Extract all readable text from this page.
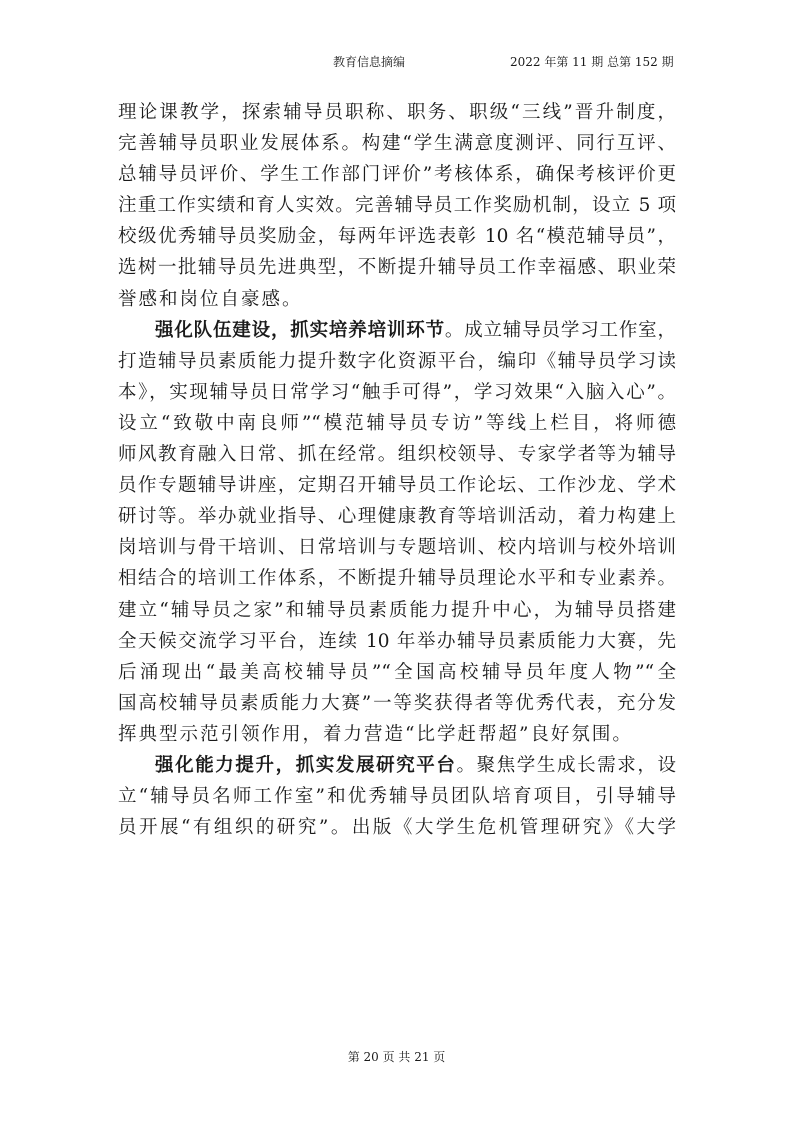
教育信息摘编	2022 年第 11 期 总第 152 期
理论课教学，探索辅导员职称、职务、职级“三线”晋升制度，
完善辅导员职业发展体系。构建“学生满意度测评、同行互评、
总辅导员评价、学生工作部门评价”考核体系，确保考核评价更
注重工作实绩和育人实效。完善辅导员工作奖励机制，设立 5 项
校级优秀辅导员奖励金，每两年评选表彰 10 名“模范辅导员”，
选树一批辅导员先进典型，不断提升辅导员工作幸福感、职业荣
誉感和岗位自豪感。
强化队伍建设，抓实培养培训环节。成立辅导员学习工作室，
打造辅导员素质能力提升数字化资源平台，编印《辅导员学习读
本》，实现辅导员日常学习“触手可得”，学习效果“入脑入心”。
设立“致敬中南良师”“模范辅导员专访”等线上栏目，将师德
师风教育融入日常、抓在经常。组织校领导、专家学者等为辅导
员作专题辅导讲座，定期召开辅导员工作论坛、工作沙龙、学术
研讨等。举办就业指导、心理健康教育等培训活动，着力构建上
岗培训与骨干培训、日常培训与专题培训、校内培训与校外培训
相结合的培训工作体系，不断提升辅导员理论水平和专业素养。
建立“辅导员之家”和辅导员素质能力提升中心，为辅导员搭建
全天候交流学习平台，连续 10 年举办辅导员素质能力大赛，先
后涌现出“最美高校辅导员”“全国高校辅导员年度人物”“全
国高校辅导员素质能力大赛”一等奖获得者等优秀代表，充分发
挥典型示范引领作用，着力营造“比学赶帮超”良好氛围。
强化能力提升，抓实发展研究平台。聚焦学生成长需求，设
立“辅导员名师工作室”和优秀辅导员团队培育项目，引导辅导
员开展“有组织的研究”。出版《大学生危机管理研究》《大学
第 20 页 共 21 页
